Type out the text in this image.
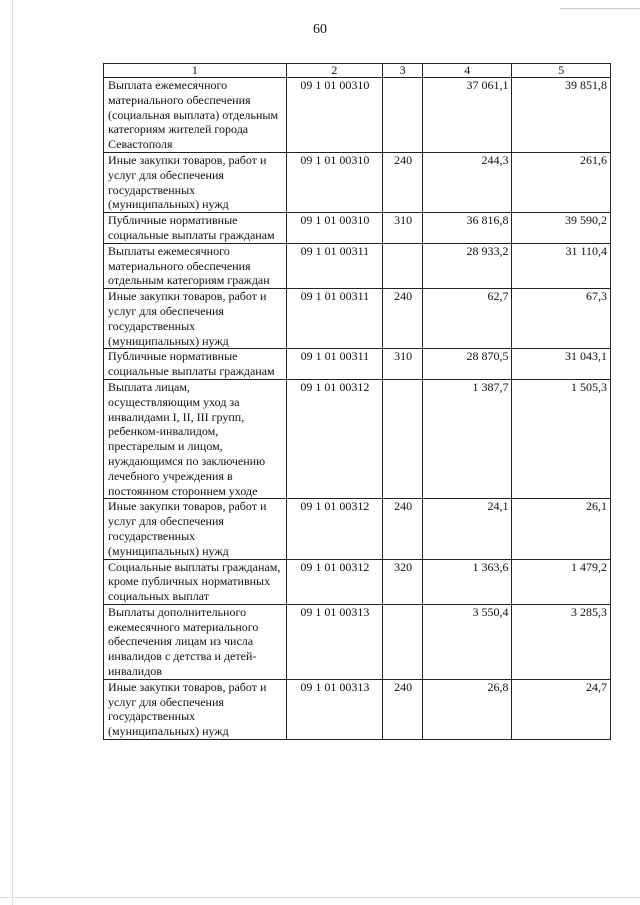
60
1	2	3	4	5
Выплата ежемесячного материального обеспечения (социальная выплата) отдельным категориям жителей города Севастополя	09 1 01 00310		37 061,1	39 851,8
Иные закупки товаров, работ и услуг для обеспечения государственных (муниципальных) нужд	09 1 01 00310	240	244,3	261,6
Публичные нормативные социальные выплаты гражданам	09 1 01 00310	310	36 816,8	39 590,2
Выплаты ежемесячного материального обеспечения отдельным категориям граждан	09 1 01 00311		28 933,2	31 110,4
Иные закупки товаров, работ и услуг для обеспечения государственных (муниципальных) нужд	09 1 01 00311	240	62,7	67,3
Публичные нормативные социальные выплаты гражданам	09 1 01 00311	310	28 870,5	31 043,1
Выплата лицам, осуществляющим уход за инвалидами I, II, III групп, ребенком-инвалидом, престарелым и лицом, нуждающимся по заключению лечебного учреждения в постоянном стороннем уходе	09 1 01 00312		1 387,7	1 505,3
Иные закупки товаров, работ и услуг для обеспечения государственных (муниципальных) нужд	09 1 01 00312	240	24,1	26,1
Социальные выплаты гражданам, кроме публичных нормативных социальных выплат	09 1 01 00312	320	1 363,6	1 479,2
Выплаты дополнительного ежемесячного материального обеспечения лицам из числа инвалидов с детства и детей-инвалидов	09 1 01 00313		3 550,4	3 285,3
Иные закупки товаров, работ и услуг для обеспечения государственных (муниципальных) нужд	09 1 01 00313	240	26,8	24,7
